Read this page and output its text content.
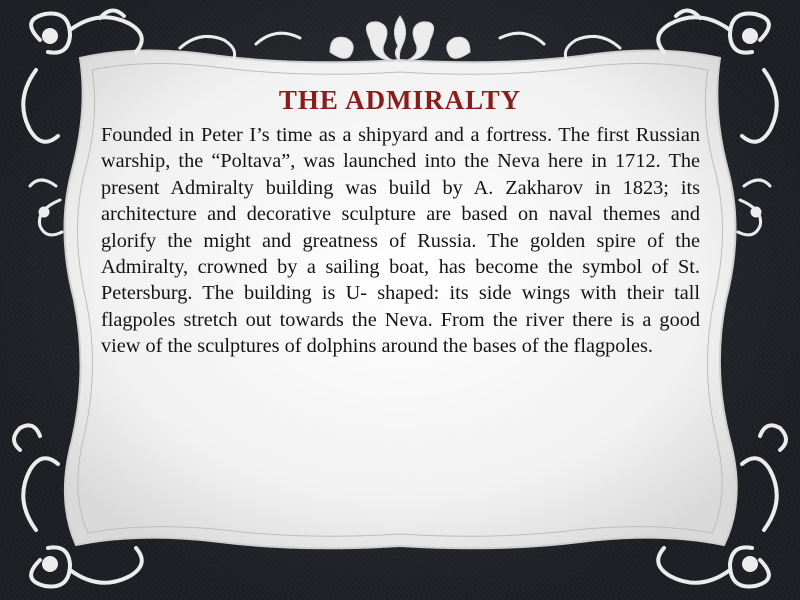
THE ADMIRALTY

Founded in Peter I’s time as a shipyard and a fortress. The first Russian warship, the “Poltava”, was launched into the Neva here in 1712. The present Admiralty building was build by A. Zakharov in 1823; its architecture and decorative sculpture are based on naval themes and glorify the might and greatness of Russia. The golden spire of the Admiralty, crowned by a sailing boat, has become the symbol of St. Petersburg. The building is U- shaped: its side wings with their tall flagpoles stretch out towards the Neva. From the river there is a good view of the sculptures of dolphins around the bases of the flagpoles.
